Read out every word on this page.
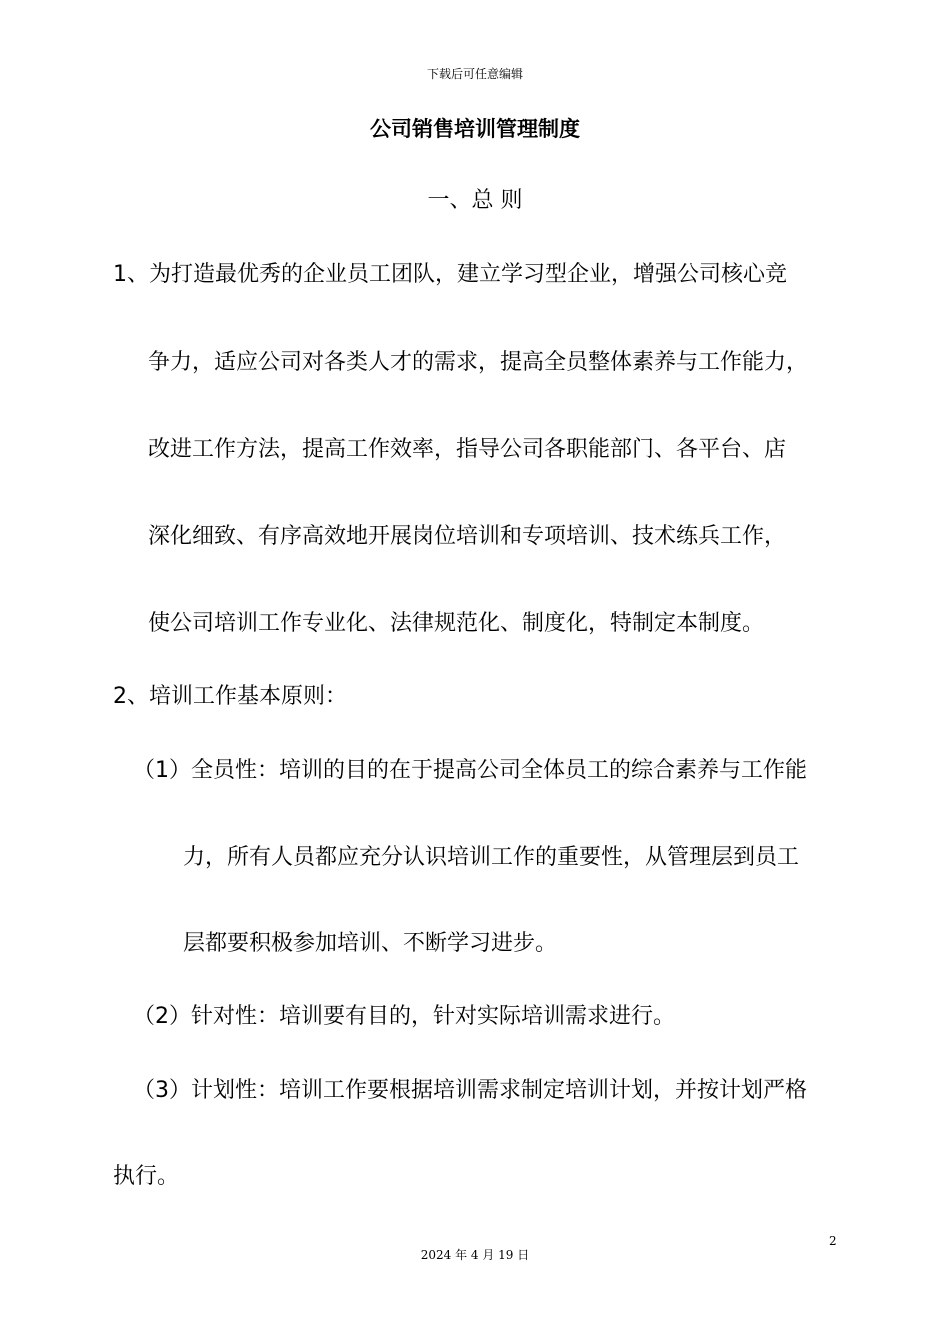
下载后可任意编辑
公司销售培训管理制度
一、总 则
1、为打造最优秀的企业员工团队，建立学习型企业，增强公司核心竞
争力，适应公司对各类人才的需求，提高全员整体素养与工作能力，
改进工作方法，提高工作效率，指导公司各职能部门、各平台、店
深化细致、有序高效地开展岗位培训和专项培训、技术练兵工作，
使公司培训工作专业化、法律规范化、制度化，特制定本制度。
2、培训工作基本原则：
（1）全员性：培训的目的在于提高公司全体员工的综合素养与工作能
力，所有人员都应充分认识培训工作的重要性，从管理层到员工
层都要积极参加培训、不断学习进步。
（2）针对性：培训要有目的，针对实际培训需求进行。
（3）计划性：培训工作要根据培训需求制定培训计划，并按计划严格
执行。
2
2024 年 4 月 19 日
